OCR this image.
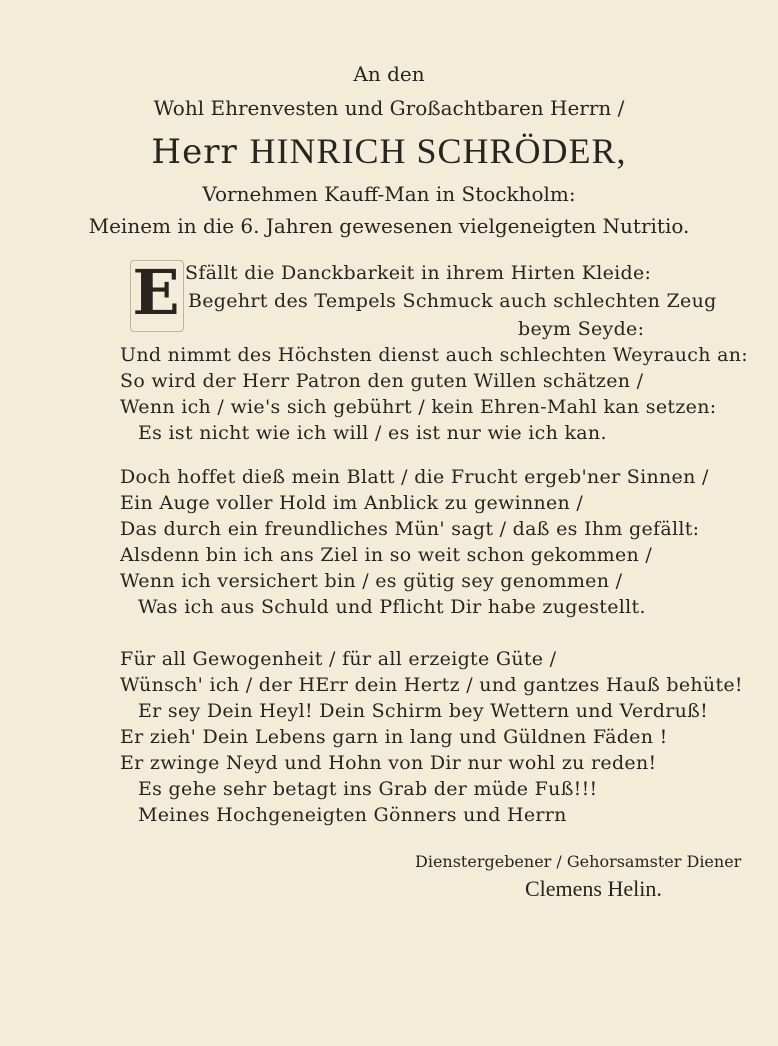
An den
Wohl Ehrenvesten und Großachtbaren Herrn /
Herr HINRICH SCHRÖDER,
Vornehmen Kauff-Man in Stockholm:
Meinem in die 6. Jahren gewesenen vielgeneigten Nutritio.
E Sfällt die Danckbarkeit in ihrem Hirten Kleide:
Begehrt des Tempels Schmuck auch schlechten Zeug
beym Seyde:
Und nimmt des Höchsten dienst auch schlechten Weyrauch an:
So wird der Herr Patron den guten Willen schätzen /
Wenn ich / wie's sich gebührt / kein Ehren-Mahl kan setzen:
Es ist nicht wie ich will / es ist nur wie ich kan.
Doch hoffet dieß mein Blatt / die Frucht ergeb'ner Sinnen /
Ein Auge voller Hold im Anblick zu gewinnen /
Das durch ein freundliches Mün' sagt / daß es Ihm gefällt:
Alsdenn bin ich ans Ziel in so weit schon gekommen /
Wenn ich versichert bin / es gütig sey genommen /
Was ich aus Schuld und Pflicht Dir habe zugestellt.
Für all Gewogenheit / für all erzeigte Güte /
Wünsch' ich / der HErr dein Hertz / und gantzes Hauß behüte!
Er sey Dein Heyl! Dein Schirm bey Wettern und Verdruß!
Er zieh' Dein Lebens garn in lang und Güldnen Fäden !
Er zwinge Neyd und Hohn von Dir nur wohl zu reden!
Es gehe sehr betagt ins Grab der müde Fuß!!!
Meines Hochgeneigten Gönners und Herrn
Dienstergebener / Gehorsamster Diener
Clemens Helin.
